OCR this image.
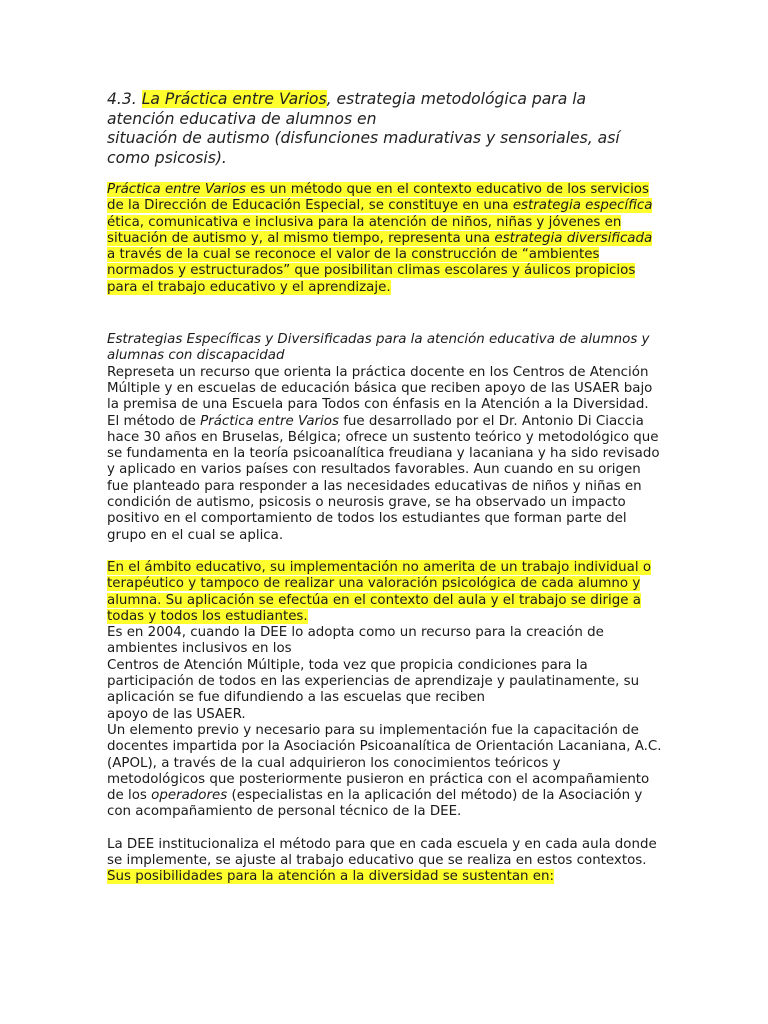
4.3. La Práctica entre Varios, estrategia metodológica para la
atención educativa de alumnos en
situación de autismo (disfunciones madurativas y sensoriales, así
como psicosis).

Práctica entre Varios es un método que en el contexto educativo de los servicios de la Dirección de Educación Especial, se constituye en una estrategia específica ética, comunicativa e inclusiva para la atención de niños, niñas y jóvenes en situación de autismo y, al mismo tiempo, representa una estrategia diversificada a través de la cual se reconoce el valor de la construcción de “ambientes normados y estructurados” que posibilitan climas escolares y áulicos propicios para el trabajo educativo y el aprendizaje.

Estrategias Específicas y Diversificadas para la atención educativa de alumnos y alumnas con discapacidad

Represeta un recurso que orienta la práctica docente en los Centros de Atención Múltiple y en escuelas de educación básica que reciben apoyo de las USAER bajo la premisa de una Escuela para Todos con énfasis en la Atención a la Diversidad.

El método de Práctica entre Varios fue desarrollado por el Dr. Antonio Di Ciaccia hace 30 años en Bruselas, Bélgica; ofrece un sustento teórico y metodológico que se fundamenta en la teoría psicoanalítica freudiana y lacaniana y ha sido revisado y aplicado en varios países con resultados favorables. Aun cuando en su origen fue planteado para responder a las necesidades educativas de niños y niñas en condición de autismo, psicosis o neurosis grave, se ha observado un impacto positivo en el comportamiento de todos los estudiantes que forman parte del grupo en el cual se aplica.

En el ámbito educativo, su implementación no amerita de un trabajo individual o terapéutico y tampoco de realizar una valoración psicológica de cada alumno y alumna. Su aplicación se efectúa en el contexto del aula y el trabajo se dirige a todas y todos los estudiantes.

Es en 2004, cuando la DEE lo adopta como un recurso para la creación de
ambientes inclusivos en los
Centros de Atención Múltiple, toda vez que propicia condiciones para la participación de todos en las experiencias de aprendizaje y paulatinamente, su aplicación se fue difundiendo a las escuelas que reciben
apoyo de las USAER.

Un elemento previo y necesario para su implementación fue la capacitación de docentes impartida por la Asociación Psicoanalítica de Orientación Lacaniana, A.C. (APOL), a través de la cual adquirieron los conocimientos teóricos y metodológicos que posteriormente pusieron en práctica con el acompañamiento de los operadores (especialistas en la aplicación del método) de la Asociación y con acompañamiento de personal técnico de la DEE.

La DEE institucionaliza el método para que en cada escuela y en cada aula donde se implemente, se ajuste al trabajo educativo que se realiza en estos contextos. Sus posibilidades para la atención a la diversidad se sustentan en:
